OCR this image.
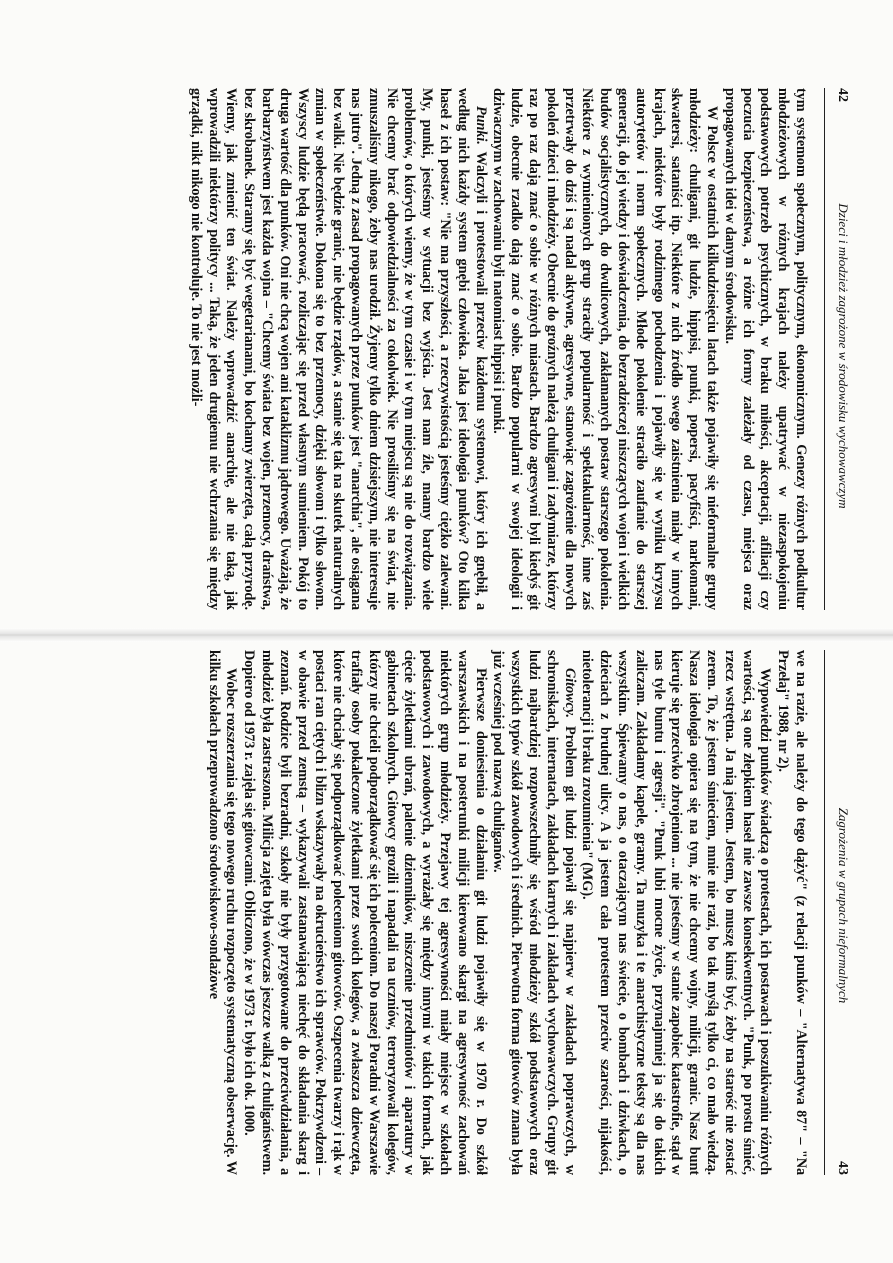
42
Dzieci i młodzież zagrożone w środowisku wychowawczym

tym systemom społecznym, politycznym, ekonomicznym. Genezy różnych podkultur młodzieżowych w różnych krajach należy upatrywać w niezaspokojeniu podstawowych potrzeb psychicznych, w braku miłości, akceptacji, afiliacji czy poczucia bezpieczeństwa, a różne ich formy zależały od czasu, miejsca oraz propagowanych idei w danym środowisku.

W Polsce w ostatnich kilkudziesięciu latach także pojawiły się nieformalne grupy młodzieży: chuligani, git ludzie, hippisi, punki, popersi, pacyfiści, narkomani, skwatersi, sataniści itp. Niektóre z nich źródło swego zaistnienia miały w innych krajach, niektóre były rodzimego pochodzenia i pojawiły się w wyniku kryzysu autorytetów i norm społecznych. Młode pokolenie straciło zaufanie do starszej generacji, do jej wiedzy i doświadczenia, do bezradzieczej niszczących wojen i wielkich budów socjalistycznych, do dwulicowych, zakłamanych postaw starszego pokolenia. Niektóre z wymienionych grup straciły popularność i spektakularność, inne zaś przetrwały do dziś i są nadal aktywne, agresywne, stanowiąc zagrożenie dla nowych pokoleń dzieci i młodzieży. Obecnie do groźnych należą chuligani i zadymiarze, którzy raz po raz dają znać o sobie w różnych miastach. Bardzo agresywni byli kiedyś git ludzie, obecnie rzadko dają znać o sobie. Bardzo popularni w swojej ideologii i dziwacznym w zachowaniu byli natomiast hippisi i punki.

Punki. Walczyli i protestowali przeciw każdemu systemowi, który ich gnębił, a według nich każdy system gnębi człowieka. Jaka jest ideologia punków? Oto kilka haseł z ich postaw: "Nie ma przyszłości, a rzeczywistością jesteśmy ciężko zalewani. My, punki, jesteśmy w sytuacji bez wyjścia. Jest nam źle, mamy bardzo wiele problemów, o których wiemy, że w tym czasie i w tym miejscu są nie do rozwiązania. Nie chcemy brać odpowiedzialności za cokolwiek. Nie prosiliśmy się na świat, nie zmuszaliśmy nikogo, żeby nas urodził. Żyjemy tylko dniem dzisiejszym, nie interesuje nas jutro". Jedną z zasad propagowanych przez punków jest "anarchia", ale osiągana bez walki. Nie będzie granic, nie będzie rządów, a stanie się tak na skutek naturalnych zmian w społeczeństwie. Dokona się to bez przemocy, dzięki słowom i tylko słowom. Wszyscy ludzie będą pracować, rozliczając się przed własnym sumieniem. Pokój to druga wartość dla punków. Oni nie chcą wojen ani kataklizmu jądrowego. Uważają, że barbarzyństwem jest każda wojna – "Chcemy świata bez wojen, przemocy, draństwa, bez skrobanek. Staramy się być wegetarianami, bo kochamy zwierzęta, całą przyrodę. Wiemy, jak zmienić ten świat. Należy wprowadzić anarchię, ale nie taką, jak wprowadzili niektórzy politycy ... Taką, że jeden drugiemu nie wchrzania się między grządki, nikt nikogo nie kontroluje. To nie jest możli-

Zagrożenia w grupach nieformalnych
43

we na razie, ale należy do tego dążyć" (z relacji punków – "Alternatywa 87" – "Na Przełaj" 1988, nr 2).

Wypowiedzi punków świadczą o protestach, ich postawach i poszukiwaniu różnych wartości, są one złepkiem haseł nie zawsze konsekwentnych. "Punk, po prostu śmieć, rzecz wstrętna. Ja nią jestem. Jestem, bo muszę kimś być, żeby na starość nie zostać zerem. To, że jestem śmieciem, mnie nie razi, bo tak myślą tylko ci, co mało wiedzą. Nasza ideologia opiera się na tym, że nie chcemy wojny, milicji, granic. Nasz bunt kieruje się przeciwko zbrojeniom ... nie jesteśmy w stanie zapobiec katastrofie, stąd w nas tyle buntu i agresji". "Punk lubi mocne życie, przynajmniej ja się do takich zaliczam. Zakładamy kapele, gramy. Ta muzyka i te anarchistyczne teksty są dla nas wszystkim. Śpiewamy o nas, o otaczającym nas świecie, o bombach i dziwkach, o dzieciach z brudnej ulicy. A ja jestem cała protestem przeciw szarości, nijakości, nietolerancji i braku zrozumienia" (MG).

Gitowcy. Problem git ludzi pojawił się najpierw w zakładach poprawczych, w schroniskach, internatach, zakładach karnych i zakładach wychowawczych. Grupy git ludzi najbardziej rozpowszechniły się wśród młodzieży szkół podstawowych oraz wszystkich typów szkół zawodowych i średnich. Pierwotna forma gitowców znana była już wcześniej pod nazwą chuliganów.

Pierwsze doniesienia o działaniu git ludzi pojawiły się w 1970 r. Do szkół warszawskich i na posterunki milicji kierowano skargi na agresywność zachowań niektórych grup młodzieży. Przejawy tej agresywności miały miejsce w szkołach podstawowych i zawodowych, a wyrażały się między innymi w takich formach, jak cięcie żyletkami ubrań, palenie dzienników, niszczenie przedmiotów i aparatury w gabinetach szkolnych. Gitowcy grozili i napadali na uczniów, terroryzowali kolegów, którzy nie chcieli podporządkować się ich poleceniom. Do naszej Poradni w Warszawie trafiały osoby pokaleczone żyletkami przez swoich kolegów, a zwłaszcza dziewczęta, które nie chciały się podporządkować poleceniom gitowców. Oszpecenia twarzy i rąk w postaci ran ciętych i blizn wskazywały na okrucieństwo ich sprawców. Pokrzywdzeni – w obawie przed zemstą – wykazywali zastanawiającą niechęć do składania skarg i zeznań. Rodzice byli bezradni, szkoły nie były przygotowane do przeciwdziałania, a młodzież była zastraszona. Milicja zajęta była wówczas jeszcze walką z chuligaństwem. Dopiero od 1973 r. zajęła się gitowcami. Obliczono, że w 1973 r. było ich ok. 1000.

Wobec rozszerzania się tego nowego ruchu rozpoczęto systematyczną obserwację. W kilku szkołach przeprowadzono środowiskowo-sondażowe
